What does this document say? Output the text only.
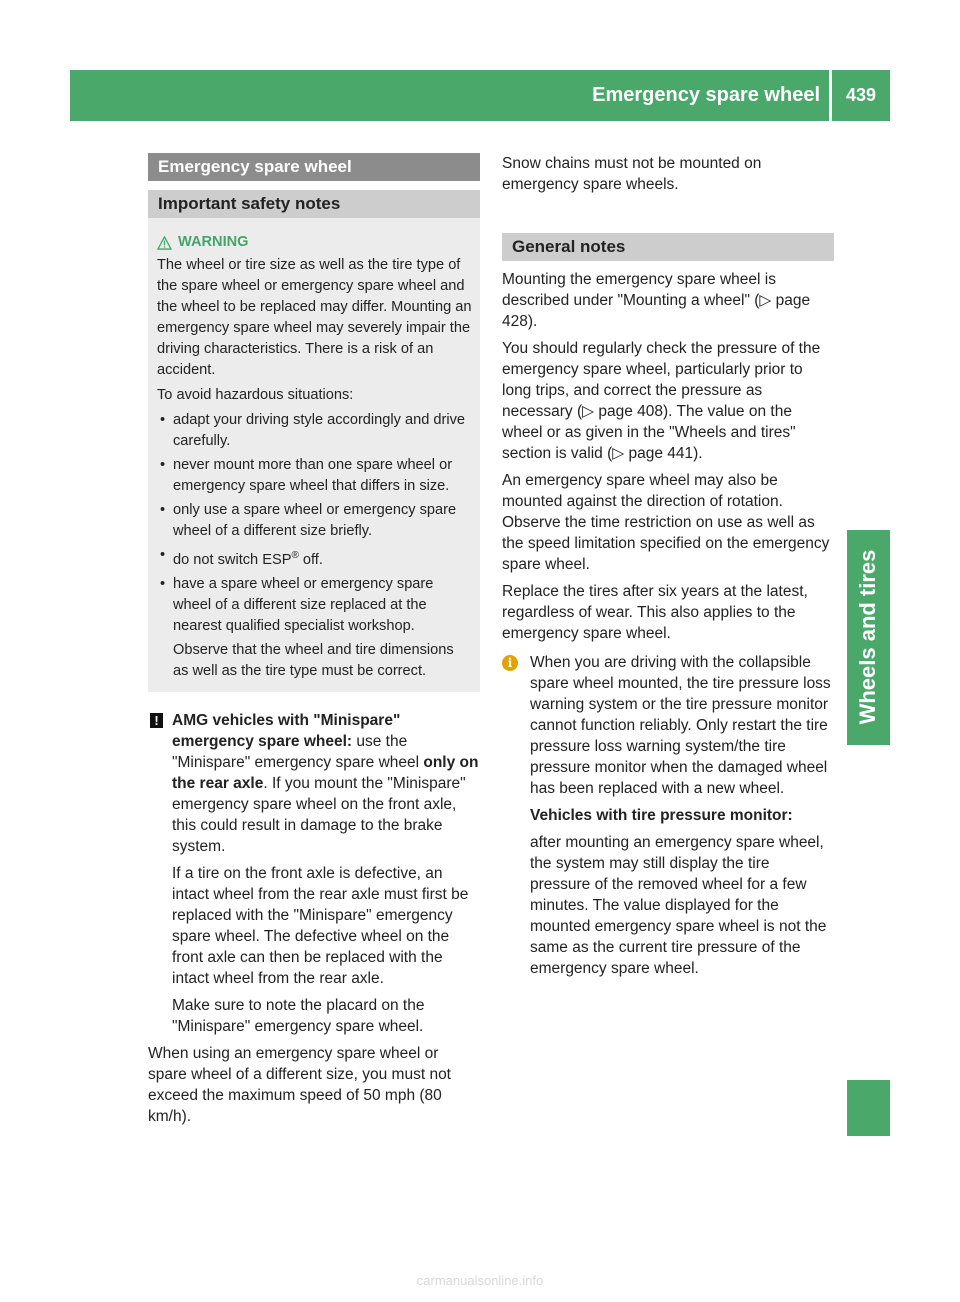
Emergency spare wheel	439
Wheels and tires
Emergency spare wheel
Important safety notes
WARNING

The wheel or tire size as well as the tire type of the spare wheel or emergency spare wheel and the wheel to be replaced may differ. Mounting an emergency spare wheel may severely impair the driving characteristics. There is a risk of an accident.

To avoid hazardous situations:

• adapt your driving style accordingly and drive carefully.
• never mount more than one spare wheel or emergency spare wheel that differs in size.
• only use a spare wheel or emergency spare wheel of a different size briefly.
• do not switch ESP® off.
• have a spare wheel or emergency spare wheel of a different size replaced at the nearest qualified specialist workshop.
Observe that the wheel and tire dimensions as well as the tire type must be correct.
! AMG vehicles with "Minispare" emergency spare wheel: use the "Minispare" emergency spare wheel only on the rear axle. If you mount the "Minispare" emergency spare wheel on the front axle, this could result in damage to the brake system.

If a tire on the front axle is defective, an intact wheel from the rear axle must first be replaced with the "Minispare" emergency spare wheel. The defective wheel on the front axle can then be replaced with the intact wheel from the rear axle.

Make sure to note the placard on the "Minispare" emergency spare wheel.

When using an emergency spare wheel or spare wheel of a different size, you must not exceed the maximum speed of 50 mph (80 km/h).

Snow chains must not be mounted on emergency spare wheels.

General notes

Mounting the emergency spare wheel is described under "Mounting a wheel" (▷ page 428).

You should regularly check the pressure of the emergency spare wheel, particularly prior to long trips, and correct the pressure as necessary (▷ page 408). The value on the wheel or as given in the "Wheels and tires" section is valid (▷ page 441).

An emergency spare wheel may also be mounted against the direction of rotation. Observe the time restriction on use as well as the speed limitation specified on the emergency spare wheel.

Replace the tires after six years at the latest, regardless of wear. This also applies to the emergency spare wheel.

i	When you are driving with the collapsible spare wheel mounted, the tire pressure loss warning system or the tire pressure monitor cannot function reliably. Only restart the tire pressure loss warning system/the tire pressure monitor when the damaged wheel has been replaced with a new wheel.

Vehicles with tire pressure monitor:

after mounting an emergency spare wheel, the system may still display the tire pressure of the removed wheel for a few minutes. The value displayed for the mounted emergency spare wheel is not the same as the current tire pressure of the emergency spare wheel.

carmanualsonline.info
